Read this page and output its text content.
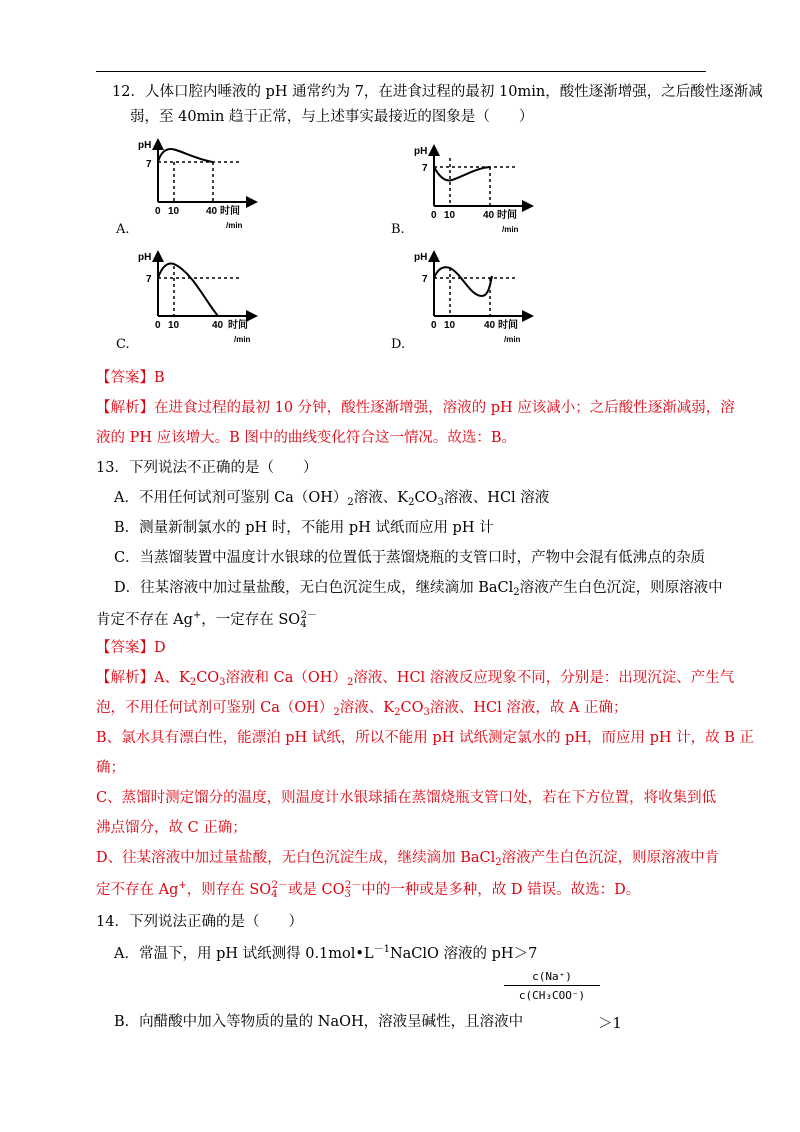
12．人体口腔内唾液的 pH 通常约为 7，在进食过程的最初 10min，酸性逐渐增强，之后酸性逐渐减
弱，至 40min 趋于正常，与上述事实最接近的图象是（　　）
pH
7
0 10	40 时间
/min
A.
pH
7
0 10	40 时间
/min
B.
pH
7
0 10	40 时间
/min
C.
pH
7
0 10	40 时间
/min
D.
【答案】B
【解析】在进食过程的最初 10 分钟，酸性逐渐增强，溶液的 pH 应该减小；之后酸性逐渐减弱，溶
液的 PH 应该增大。B 图中的曲线变化符合这一情况。故选：B。
13．下列说法不正确的是（　　）
A．不用任何试剂可鉴别 $Ca(OH)_2$溶液、$K_2CO_3$溶液、HCl 溶液
B．测量新制氯水的 pH 时，不能用 pH 试纸而应用 pH 计
C．当蒸馏装置中温度计水银球的位置低于蒸馏烧瓶的支管口时，产物中会混有低沸点的杂质
D．往某溶液中加过量盐酸，无白色沉淀生成，继续滴加 BaCl$_2$溶液产生白色沉淀，则原溶液中
肯定不存在 Ag+，一定存在 $SO_4^{2-}$
【答案】D
【解析】A、$K_2CO_3$溶液和 $Ca(OH)_2$溶液、HCl 溶液反应现象不同，分别是：出现沉淀、产生气
泡，不用任何试剂可鉴别 $Ca(OH)_2$溶液、$K_2CO_3$溶液、HCl 溶液，故 A 正确；
B、氯水具有漂白性，能漂泊 pH 试纸，所以不能用 pH 试纸测定氯水的 pH，而应用 pH 计，故 B 正
确；
C、蒸馏时测定馏分的温度，则温度计水银球插在蒸馏烧瓶支管口处，若在下方位置，将收集到低
沸点馏分，故 C 正确；
D、往某溶液中加过量盐酸，无白色沉淀生成，继续滴加 BaCl$_2$溶液产生白色沉淀，则原溶液中肯
定不存在 Ag+，则存在 $SO_4^{2-}$或是 $CO_3^{2-}$中的一种或是多种，故 D 错误。故选：D。
14．下列说法正确的是（　　）
A．常温下，用 pH 试纸测得 $0.1mol•L^{-1}NaClO$ 溶液的 pH＞7
B．向醋酸中加入等物质的量的 NaOH，溶液呈碱性，且溶液中
c(Na⁺)
c(CH₃COO⁻)
＞1
